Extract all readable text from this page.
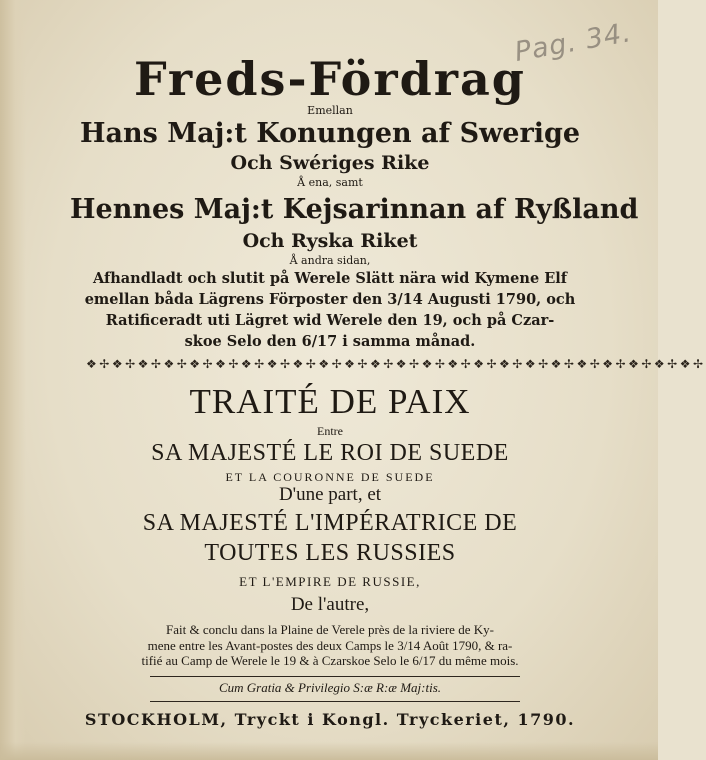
Pag. 34.
Freds-Fördrag
Emellan
Hans Maj:t Konungen af Swerige
Och Swériges Rike
Å ena, samt
Hennes Maj:t Kejsarinnan af Ryßland
Och Ryska Riket
Å andra sidan,
Afhandladt och slutit på Werele Slätt nära wid Kymene Elf
emellan båda Lägrens Förposter den 3/14 Augusti 1790, och
Ratificeradt uti Lägret wid Werele den 19, och på Czar-
skoe Selo den 6/17 i samma månad.
❖✢❖✢❖✢❖✢❖✢❖✢❖✢❖✢❖✢❖✢❖✢❖✢❖✢❖✢❖✢❖✢❖✢❖✢❖✢❖✢❖✢❖✢❖✢❖✢
TRAITÉ DE PAIX
Entre
SA MAJESTÉ LE ROI DE SUEDE
ET LA COURONNE DE SUEDE
D'une part, et
SA MAJESTÉ L'IMPÉRATRICE DE
TOUTES LES RUSSIES
ET L'EMPIRE DE RUSSIE,
De l'autre,
Fait & conclu dans la Plaine de Verele près de la riviere de Ky-
mene entre les Avant-postes des deux Camps le 3/14 Août 1790, & ra-
tifié au Camp de Werele le 19 & à Czarskoe Selo le 6/17 du même mois.
Cum Gratia & Privilegio S:æ R:æ Maj:tis.
STOCKHOLM, Tryckt i Kongl. Tryckeriet, 1790.
